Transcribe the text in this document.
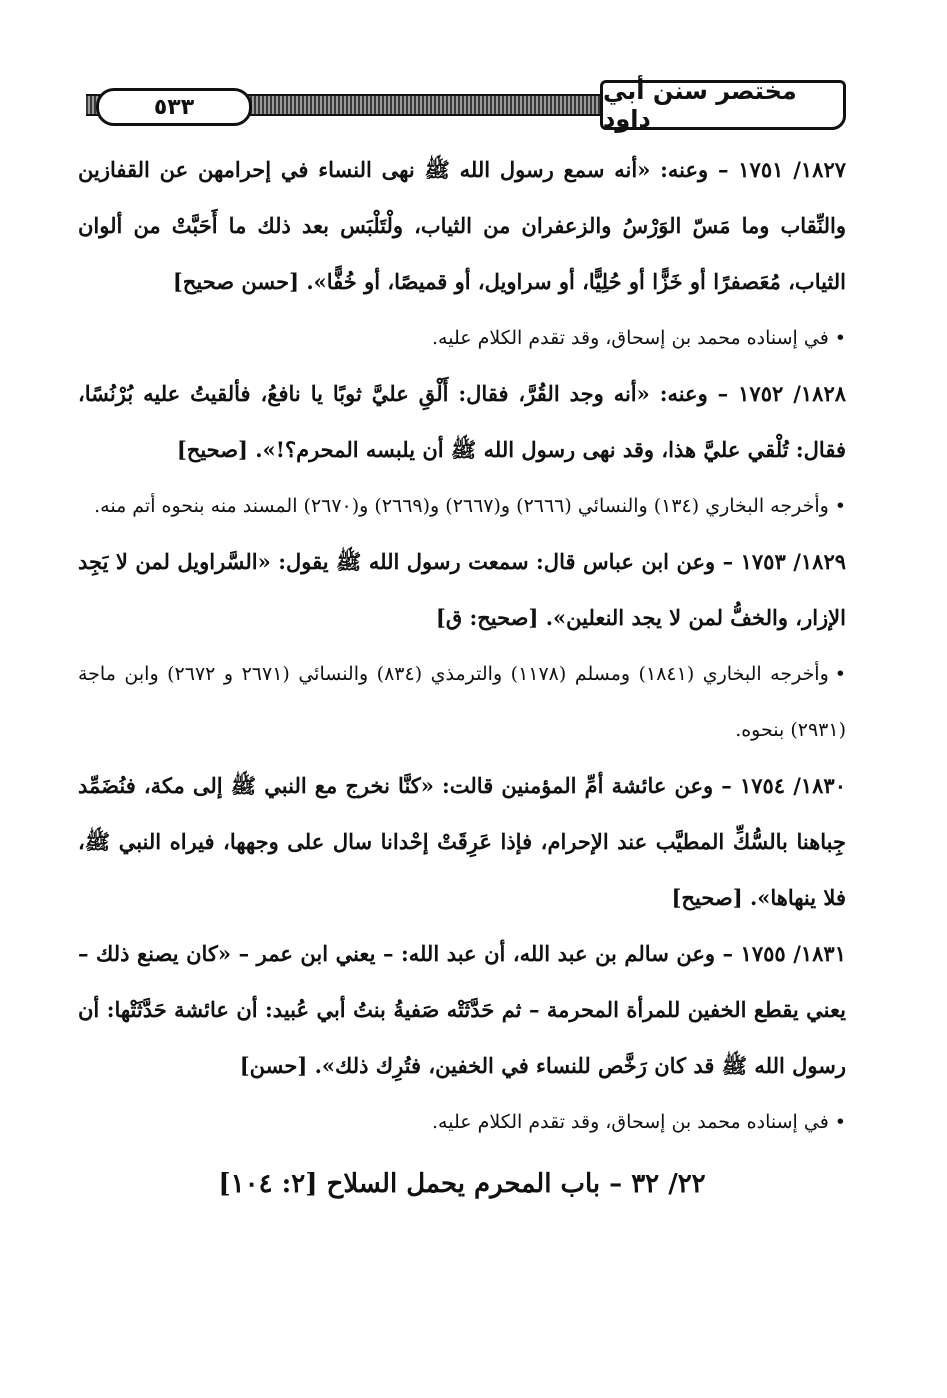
٥٣٣
مختصر سنن أبي داود

١٨٢٧/ ١٧٥١ – وعنه: «أنه سمع رسول الله ﷺ نهى النساء في إحرامهن عن القفازين والنِّقاب وما مَسّ الوَرْسُ والزعفران من الثياب، ولْتَلْبَس بعد ذلك ما أَحَبَّتْ من ألوان الثياب، مُعَصفرًا أو خَزًّا أو حُلِيًّا، أو سراويل، أو قميصًا، أو خُفًّا». [حسن صحيح]

•في إسناده محمد بن إسحاق، وقد تقدم الكلام عليه.

١٨٢٨/ ١٧٥٢ – وعنه: «أنه وجد القُرَّ، فقال: أَلْقِ عليَّ ثوبًا يا نافعُ، فألقيتُ عليه بُرْنُسًا، فقال: تُلْقي عليَّ هذا، وقد نهى رسول الله ﷺ أن يلبسه المحرم؟!». [صحيح]

•وأخرجه البخاري (١٣٤) والنسائي (٢٦٦٦) و(٢٦٦٧) و(٢٦٦٩) و(٢٦٧٠) المسند منه بنحوه أتم منه.

١٨٢٩/ ١٧٥٣ – وعن ابن عباس قال: سمعت رسول الله ﷺ يقول: «السَّراويل لمن لا يَجِد الإزار، والخفُّ لمن لا يجد النعلين». [صحيح: ق]

•وأخرجه البخاري (١٨٤١) ومسلم (١١٧٨) والترمذي (٨٣٤) والنسائي (٢٦٧١ و ٢٦٧٢) وابن ماجة (٢٩٣١) بنحوه.

١٨٣٠/ ١٧٥٤ – وعن عائشة أمِّ المؤمنين قالت: «كنَّا نخرج مع النبي ﷺ إلى مكة، فنُضَمِّد جِباهنا بالسُّكِّ المطيَّب عند الإحرام، فإذا عَرِقَتْ إحْدانا سال على وجهها، فيراه النبي ﷺ، فلا ينهاها». [صحيح]

١٨٣١/ ١٧٥٥ – وعن سالم بن عبد الله، أن عبد الله: – يعني ابن عمر – «كان يصنع ذلك – يعني يقطع الخفين للمرأة المحرمة – ثم حَدَّثَتْه صَفيةُ بنتُ أبي عُبيد: أن عائشة حَدَّثَتْها: أن رسول الله ﷺ قد كان رَخَّص للنساء في الخفين، فتُرِك ذلك». [حسن]

•في إسناده محمد بن إسحاق، وقد تقدم الكلام عليه.

٢٢/ ٣٢ – باب المحرم يحمل السلاح [٢: ١٠٤]
